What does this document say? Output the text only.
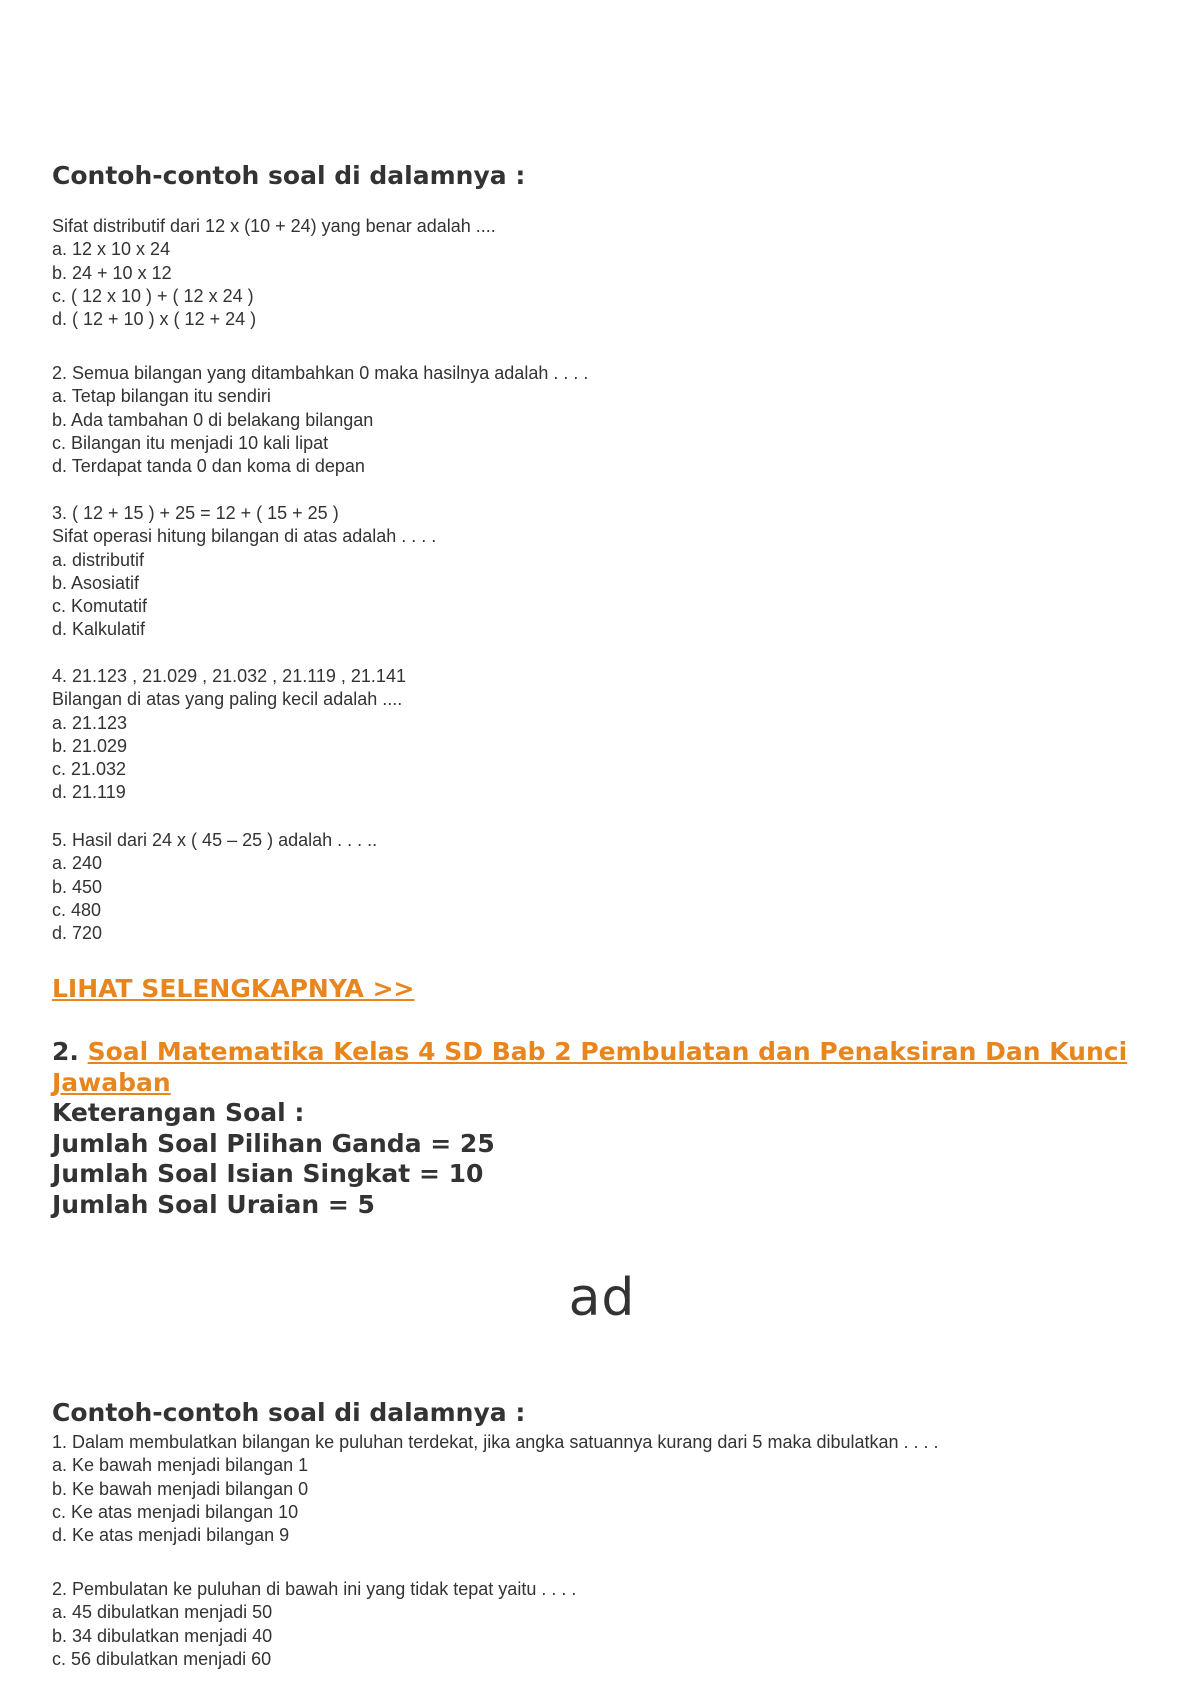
Contoh-contoh soal di dalamnya :
Sifat distributif dari 12 x (10 + 24) yang benar adalah ....
a. 12 x 10 x 24
b. 24 + 10 x 12
c. ( 12 x 10 ) + ( 12 x 24 )
d. ( 12 + 10 ) x ( 12 + 24 )
2. Semua bilangan yang ditambahkan 0 maka hasilnya adalah . . . .
a. Tetap bilangan itu sendiri
b. Ada tambahan 0 di belakang bilangan
c. Bilangan itu menjadi 10 kali lipat
d. Terdapat tanda 0 dan koma di depan
3. ( 12 + 15 ) + 25 = 12 + ( 15 + 25 )
Sifat operasi hitung bilangan di atas adalah . . . .
a. distributif
b. Asosiatif
c. Komutatif
d. Kalkulatif
4. 21.123 , 21.029 , 21.032 , 21.119 , 21.141
Bilangan di atas yang paling kecil adalah ....
a. 21.123
b. 21.029
c. 21.032
d. 21.119
5. Hasil dari 24 x ( 45 – 25 ) adalah . . . ..
a. 240
b. 450
c. 480
d. 720
LIHAT SELENGKAPNYA >>
2. Soal Matematika Kelas 4 SD Bab 2 Pembulatan dan Penaksiran Dan Kunci Jawaban
Keterangan Soal :
Jumlah Soal Pilihan Ganda = 25
Jumlah Soal Isian Singkat = 10
Jumlah Soal Uraian = 5
ad
Contoh-contoh soal di dalamnya :
1. Dalam membulatkan bilangan ke puluhan terdekat, jika angka satuannya kurang dari 5 maka dibulatkan . . . .
a. Ke bawah menjadi bilangan 1
b. Ke bawah menjadi bilangan 0
c. Ke atas menjadi bilangan 10
d. Ke atas menjadi bilangan 9
2. Pembulatan ke puluhan di bawah ini yang tidak tepat yaitu . . . .
a. 45 dibulatkan menjadi 50
b. 34 dibulatkan menjadi 40
c. 56 dibulatkan menjadi 60
